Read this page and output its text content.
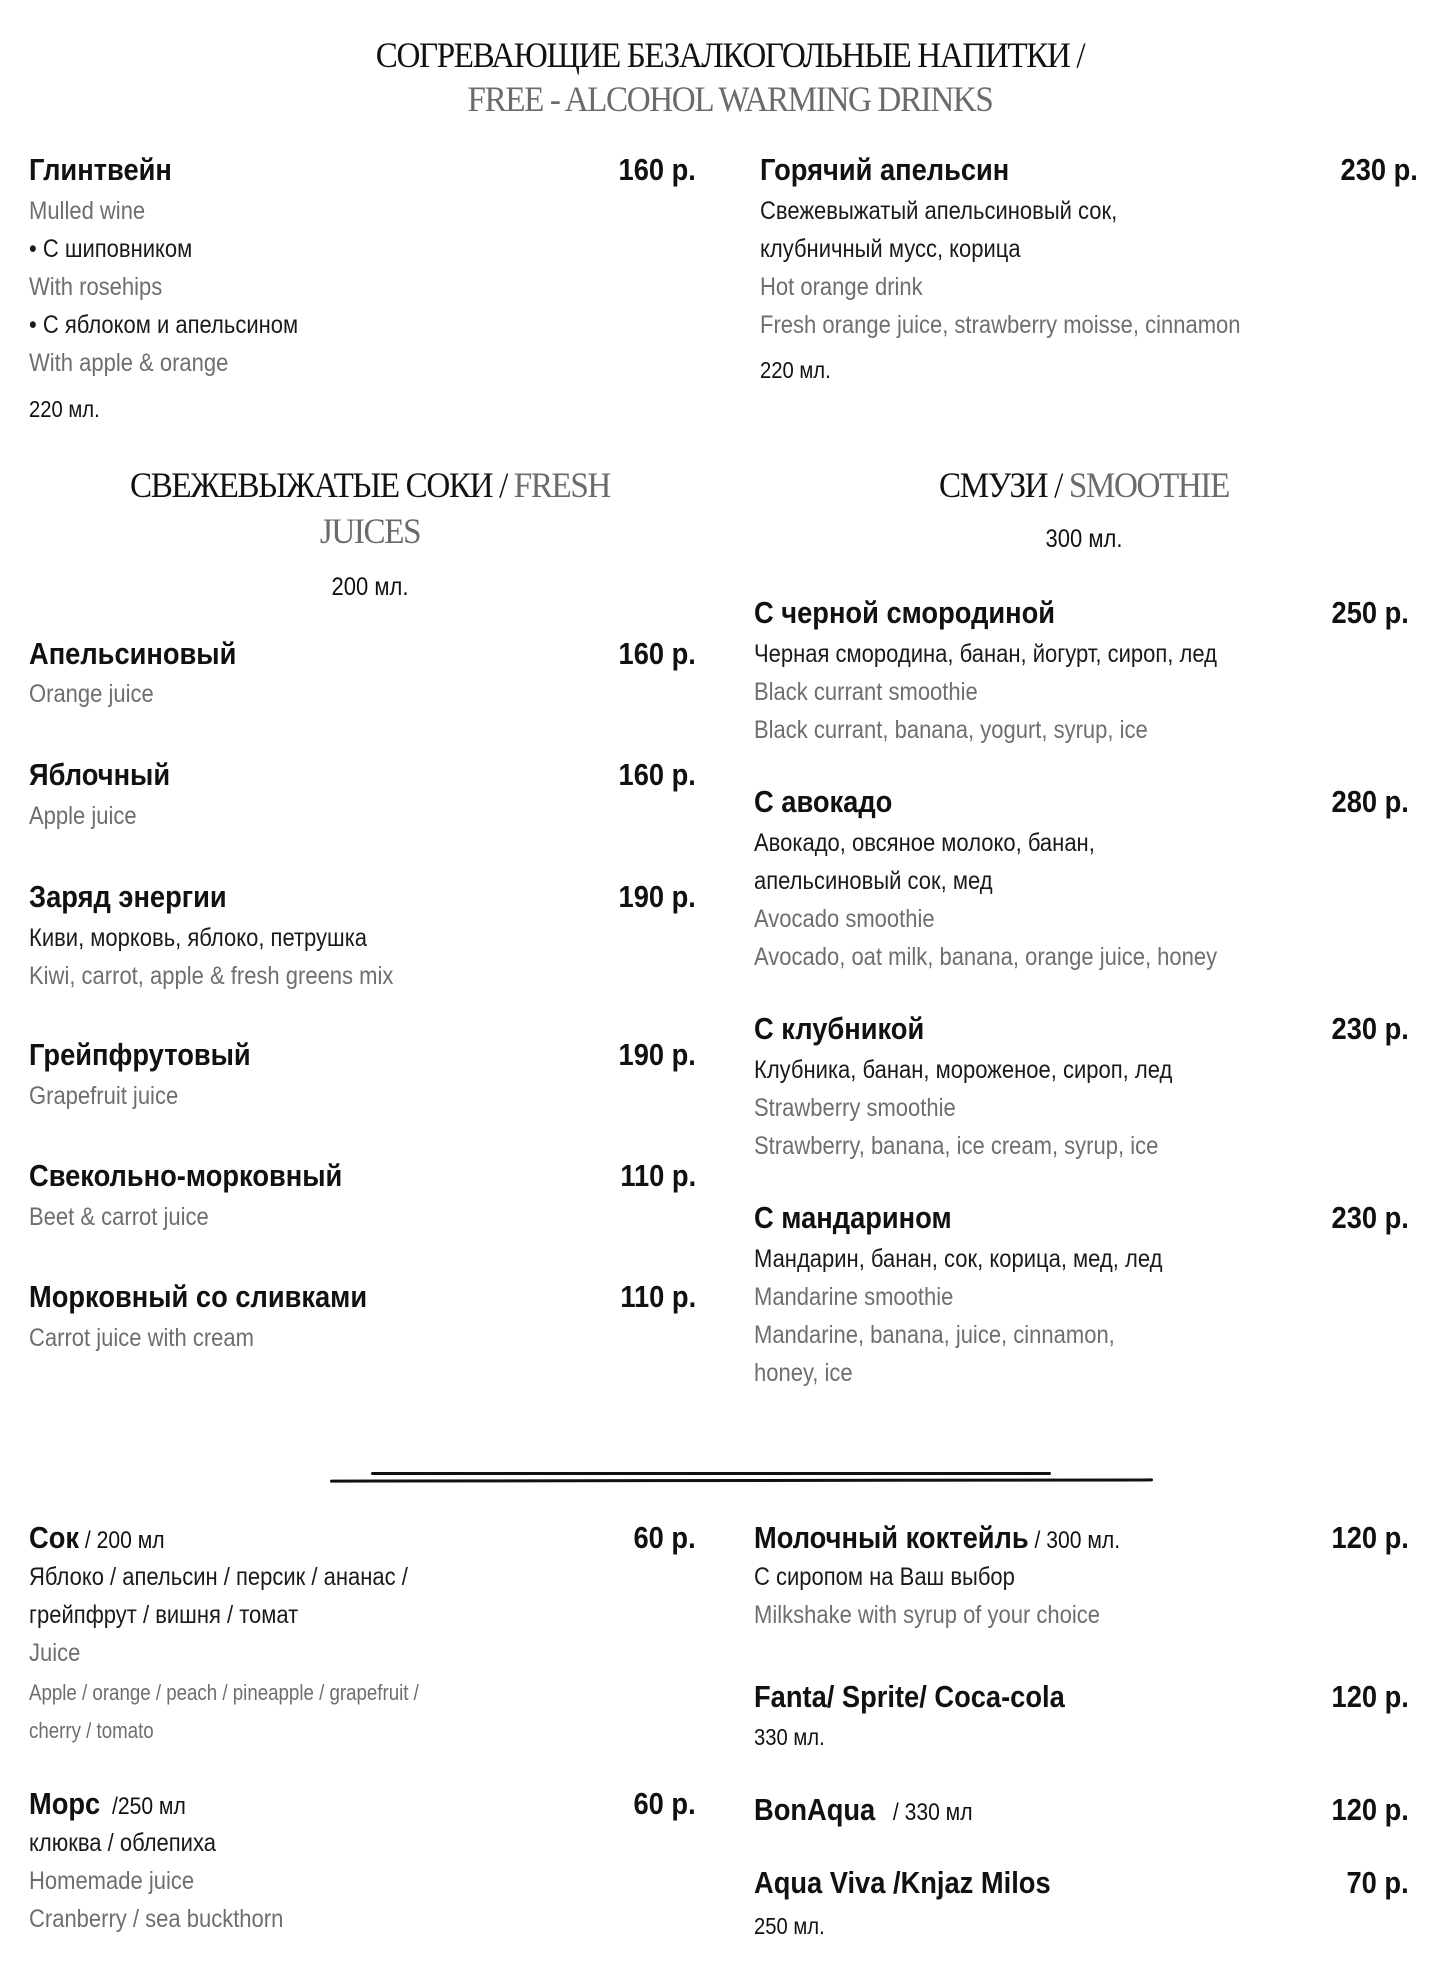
СОГРЕВАЮЩИЕ БЕЗАЛКОГОЛЬНЫЕ НАПИТКИ /
FREE - ALCOHOL WARMING DRINKS
Глинтвейн	160 р.
Mulled wine
• С шиповником
With rosehips
• С яблоком и апельсином
With apple & orange
220 мл.
Горячий апельсин	230 р.
Свежевыжатый апельсиновый сок,
клубничный мусс, корица
Hot orange drink
Fresh orange juice, strawberry moisse, cinnamon
220 мл.
СВЕЖЕВЫЖАТЫЕ СОКИ / FRESH
JUICES
200 мл.
СМУЗИ / SMOOTHIE
300 мл.
Апельсиновый	160 р.
Orange juice
Яблочный	160 р.
Apple juice
Заряд энергии	190 р.
Киви, морковь, яблоко, петрушка
Kiwi, carrot, apple & fresh greens mix
Грейпфрутовый	190 р.
Grapefruit juice
Свекольно-морковный	110 р.
Beet & carrot juice
Морковный со сливками	110 р.
Carrot juice with cream
С черной смородиной	250 р.
Черная смородина, банан, йогурт, сироп, лед
Black currant smoothie
Black currant, banana, yogurt, syrup, ice
С авокадо	280 р.
Авокадо, овсяное молоко, банан,
апельсиновый сок, мед
Avocado smoothie
Avocado, oat milk, banana, orange juice, honey
С клубникой	230 р.
Клубника, банан, мороженое, сироп, лед
Strawberry smoothie
Strawberry, banana, ice cream, syrup, ice
С мандарином	230 р.
Мандарин, банан, сок, корица, мед, лед
Mandarine smoothie
Mandarine, banana, juice, cinnamon,
honey, ice
Сок / 200 мл	60 р.
Яблоко / апельсин / персик / ананас /
грейпфрут / вишня / томат
Juice
Apple / orange / peach / pineapple / grapefruit /
cherry / tomato
Морс  /250 мл	60 р.
клюква / облепиха
Homemade juice
Cranberry / sea buckthorn
Молочный коктейль / 300 мл.	120 р.
С сиропом на Ваш выбор
Milkshake with syrup of your choice
Fanta/ Sprite/ Coca-cola	120 р.
330 мл.
BonAqua   / 330 мл	120 р.
Aqua Viva /Knjaz Milos	70 р.
250 мл.
